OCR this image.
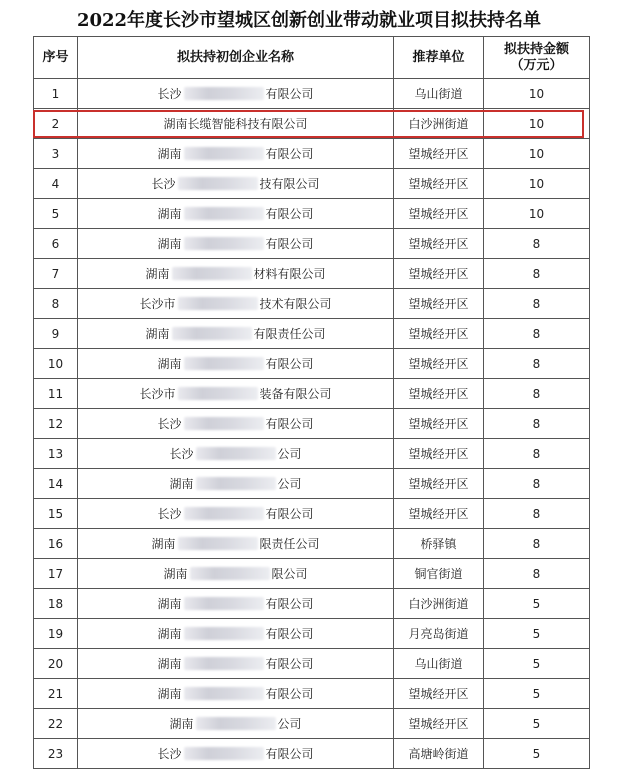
2022年度长沙市望城区创新创业带动就业项目拟扶持名单
序号	拟扶持初创企业名称	推荐单位	拟扶持金额
（万元）
1	长沙 有限公司	乌山街道	10
2	湖南长缆智能科技有限公司	白沙洲街道	10
3	湖南 有限公司	望城经开区	10
4	长沙 技有限公司	望城经开区	10
5	湖南 有限公司	望城经开区	10
6	湖南 有限公司	望城经开区	8
7	湖南 材料有限公司	望城经开区	8
8	长沙市 技术有限公司	望城经开区	8
9	湖南 有限责任公司	望城经开区	8
10	湖南 有限公司	望城经开区	8
11	长沙市 装备有限公司	望城经开区	8
12	长沙 有限公司	望城经开区	8
13	长沙 公司	望城经开区	8
14	湖南 公司	望城经开区	8
15	长沙 有限公司	望城经开区	8
16	湖南 限责任公司	桥驿镇	8
17	湖南 限公司	铜官街道	8
18	湖南 有限公司	白沙洲街道	5
19	湖南 有限公司	月亮岛街道	5
20	湖南 有限公司	乌山街道	5
21	湖南 有限公司	望城经开区	5
22	湖南 公司	望城经开区	5
23	长沙 有限公司	高塘岭街道	5
